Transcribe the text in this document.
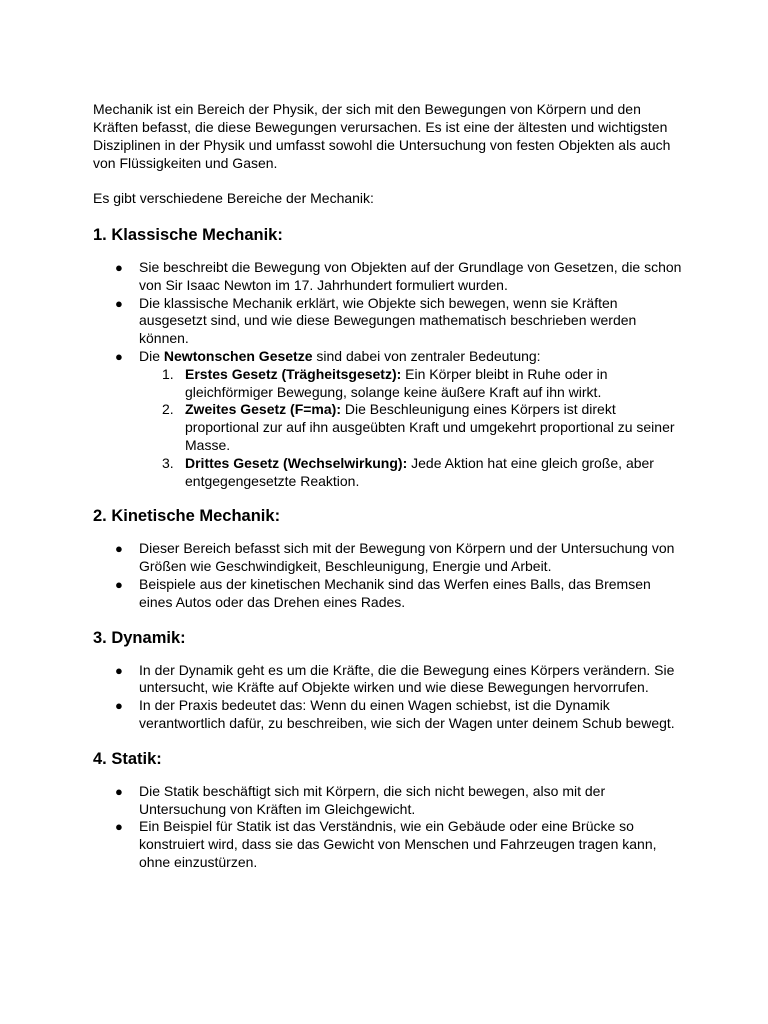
Mechanik ist ein Bereich der Physik, der sich mit den Bewegungen von Körpern und den Kräften befasst, die diese Bewegungen verursachen. Es ist eine der ältesten und wichtigsten Disziplinen in der Physik und umfasst sowohl die Untersuchung von festen Objekten als auch von Flüssigkeiten und Gasen.

Es gibt verschiedene Bereiche der Mechanik:

1. Klassische Mechanik:
● Sie beschreibt die Bewegung von Objekten auf der Grundlage von Gesetzen, die schon von Sir Isaac Newton im 17. Jahrhundert formuliert wurden.
● Die klassische Mechanik erklärt, wie Objekte sich bewegen, wenn sie Kräften ausgesetzt sind, und wie diese Bewegungen mathematisch beschrieben werden können.
● Die Newtonschen Gesetze sind dabei von zentraler Bedeutung:
1. Erstes Gesetz (Trägheitsgesetz): Ein Körper bleibt in Ruhe oder in gleichförmiger Bewegung, solange keine äußere Kraft auf ihn wirkt.
2. Zweites Gesetz (F=ma): Die Beschleunigung eines Körpers ist direkt proportional zur auf ihn ausgeübten Kraft und umgekehrt proportional zu seiner Masse.
3. Drittes Gesetz (Wechselwirkung): Jede Aktion hat eine gleich große, aber entgegengesetzte Reaktion.
2. Kinetische Mechanik:
● Dieser Bereich befasst sich mit der Bewegung von Körpern und der Untersuchung von Größen wie Geschwindigkeit, Beschleunigung, Energie und Arbeit.
● Beispiele aus der kinetischen Mechanik sind das Werfen eines Balls, das Bremsen eines Autos oder das Drehen eines Rades.
3. Dynamik:
● In der Dynamik geht es um die Kräfte, die die Bewegung eines Körpers verändern. Sie untersucht, wie Kräfte auf Objekte wirken und wie diese Bewegungen hervorrufen.
● In der Praxis bedeutet das: Wenn du einen Wagen schiebst, ist die Dynamik verantwortlich dafür, zu beschreiben, wie sich der Wagen unter deinem Schub bewegt.
4. Statik:
● Die Statik beschäftigt sich mit Körpern, die sich nicht bewegen, also mit der Untersuchung von Kräften im Gleichgewicht.
● Ein Beispiel für Statik ist das Verständnis, wie ein Gebäude oder eine Brücke so konstruiert wird, dass sie das Gewicht von Menschen und Fahrzeugen tragen kann, ohne einzustürzen.
